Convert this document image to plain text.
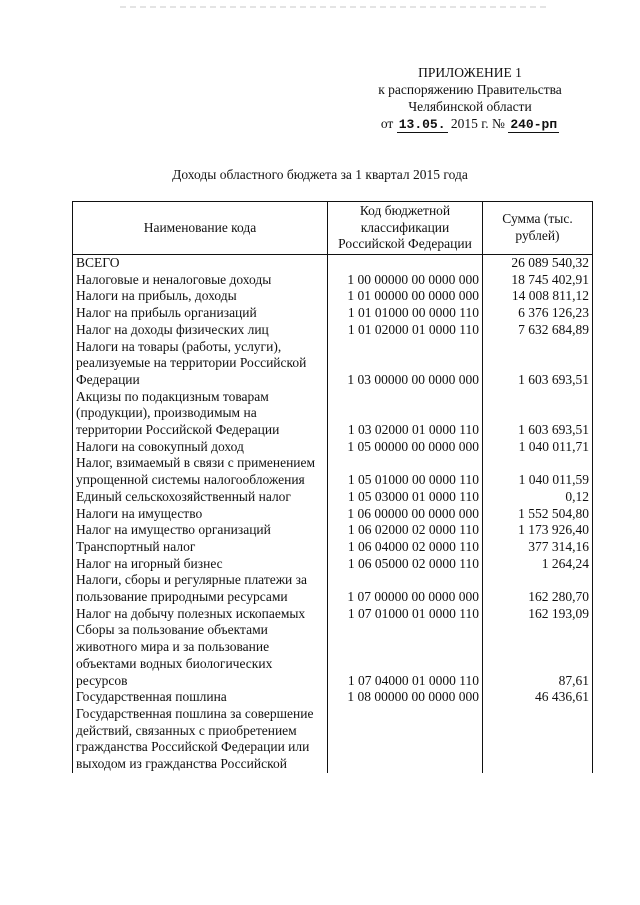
ПРИЛОЖЕНИЕ 1
к распоряжению Правительства
Челябинской области
от 13.05. 2015 г. № 240-рп
Доходы областного бюджета за 1 квартал 2015 года
Наименование кода	Код бюджетной классификации Российской Федерации	Сумма (тыс. рублей)
ВСЕГО		26 089 540,32
Налоговые и неналоговые доходы	1 00 00000 00 0000 000	18 745 402,91
Налоги на прибыль, доходы	1 01 00000 00 0000 000	14 008 811,12
Налог на прибыль организаций	1 01 01000 00 0000 110	6 376 126,23
Налог на доходы физических лиц	1 01 02000 01 0000 110	7 632 684,89
Налоги на товары (работы, услуги), реализуемые на территории Российской Федерации	1 03 00000 00 0000 000	1 603 693,51
Акцизы по подакцизным товарам (продукции), производимым на территории Российской Федерации	1 03 02000 01 0000 110	1 603 693,51
Налоги на совокупный доход	1 05 00000 00 0000 000	1 040 011,71
Налог, взимаемый в связи с применением упрощенной системы налогообложения	1 05 01000 00 0000 110	1 040 011,59
Единый сельскохозяйственный налог	1 05 03000 01 0000 110	0,12
Налоги на имущество	1 06 00000 00 0000 000	1 552 504,80
Налог на имущество организаций	1 06 02000 02 0000 110	1 173 926,40
Транспортный налог	1 06 04000 02 0000 110	377 314,16
Налог на игорный бизнес	1 06 05000 02 0000 110	1 264,24
Налоги, сборы и регулярные платежи за пользование природными ресурсами	1 07 00000 00 0000 000	162 280,70
Налог на добычу полезных ископаемых	1 07 01000 01 0000 110	162 193,09
Сборы за пользование объектами животного мира и за пользование объектами водных биологических ресурсов	1 07 04000 01 0000 110	87,61
Государственная пошлина	1 08 00000 00 0000 000	46 436,61
Государственная пошлина за совершение действий, связанных с приобретением гражданства Российской Федерации или выходом из гражданства Российской		
